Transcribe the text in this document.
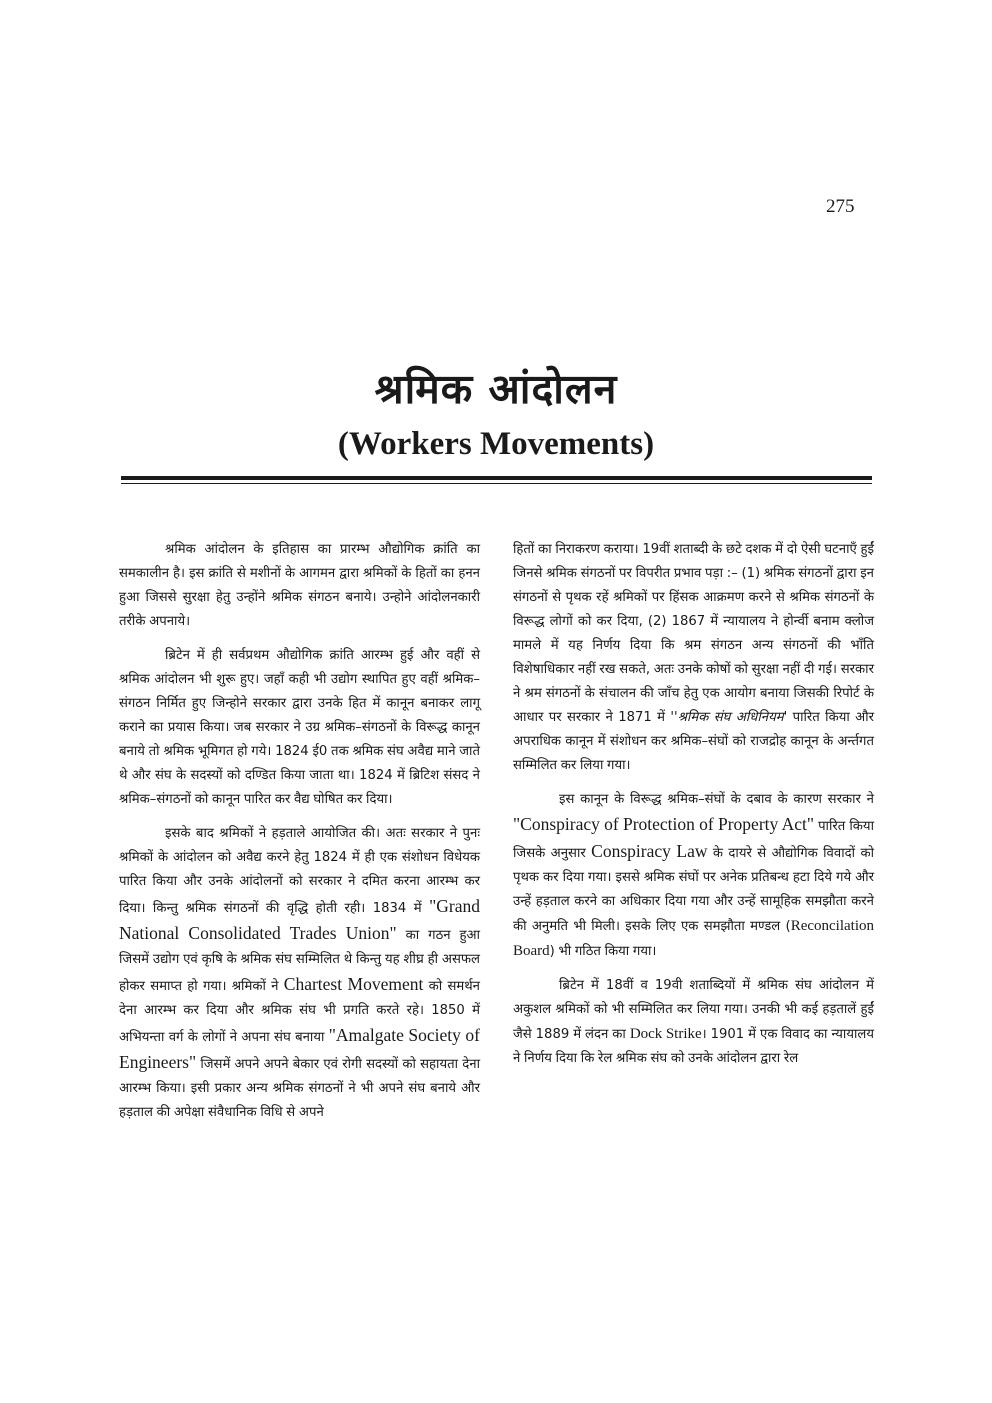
275
श्रमिक आंदोलन
(Workers Movements)

श्रमिक आंदोलन के इतिहास का प्रारम्भ औद्योगिक क्रांति का समकालीन है। इस क्रांति से मशीनों के आगमन द्वारा श्रमिकों के हितों का हनन हुआ जिससे सुरक्षा हेतु उन्होंने श्रमिक संगठन बनाये। उन्होने आंदोलनकारी तरीके अपनाये।

ब्रिटेन में ही सर्वप्रथम औद्योगिक क्रांति आरम्भ हुई और वहीं से श्रमिक आंदोलन भी शुरू हुए। जहाँ कही भी उद्योग स्थापित हुए वहीं श्रमिक–संगठन निर्मित हुए जिन्होने सरकार द्वारा उनके हित में कानून बनाकर लागू कराने का प्रयास किया। जब सरकार ने उग्र श्रमिक–संगठनों के विरूद्ध कानून बनाये तो श्रमिक भूमिगत हो गये। 1824 ई0 तक श्रमिक संघ अवैद्य माने जाते थे और संघ के सदस्यों को दण्डित किया जाता था। 1824 में ब्रिटिश संसद ने श्रमिक–संगठनों को कानून पारित कर वैद्य घोषित कर दिया।

इसके बाद श्रमिकों ने हड़ताले आयोजित की। अतः सरकार ने पुनः श्रमिकों के आंदोलन को अवैद्य करने हेतु 1824 में ही एक संशोधन विधेयक पारित किया और उनके आंदोलनों को सरकार ने दमित करना आरम्भ कर दिया। किन्तु श्रमिक संगठनों की वृद्धि होती रही। 1834 में "Grand National Consolidated Trades Union" का गठन हुआ जिसमें उद्योग एवं कृषि के श्रमिक संघ सम्मिलित थे किन्तु यह शीघ्र ही असफल होकर समाप्त हो गया। श्रमिकों ने Chartest Movement को समर्थन देना आरम्भ कर दिया और श्रमिक संघ भी प्रगति करते रहे। 1850 में अभियन्ता वर्ग के लोगों ने अपना संघ बनाया "Amalgate Society of Engineers" जिसमें अपने अपने बेकार एवं रोगी सदस्यों को सहायता देना आरम्भ किया। इसी प्रकार अन्य श्रमिक संगठनों ने भी अपने संघ बनाये और हड़ताल की अपेक्षा संवैधानिक विधि से अपने

हितों का निराकरण कराया। 19वीं शताब्दी के छटे दशक में दो ऐसी घटनाएँ हुईं जिनसे श्रमिक संगठनों पर विपरीत प्रभाव पड़ा :– (1) श्रमिक संगठनों द्वारा इन संगठनों से पृथक रहें श्रमिकों पर हिंसक आक्रमण करने से श्रमिक संगठनों के विरूद्ध लोगों को कर दिया, (2) 1867 में न्यायालय ने होर्न्वी बनाम क्लोज मामले में यह निर्णय दिया कि श्रम संगठन अन्य संगठनों की भाँति विशेषाधिकार नहीं रख सकते, अतः उनके कोषों को सुरक्षा नहीं दी गई। सरकार ने श्रम संगठनों के संचालन की जाँच हेतु एक आयोग बनाया जिसकी रिपोर्ट के आधार पर सरकार ने 1871 में ''श्रमिक संघ अधिनियम' पारित किया और अपराधिक कानून में संशोधन कर श्रमिक–संघों को राजद्रोह कानून के अर्न्तगत सम्मिलित कर लिया गया।

इस कानून के विरूद्ध श्रमिक–संघों के दबाव के कारण सरकार ने "Conspiracy of Protection of Property Act" पारित किया जिसके अनुसार Conspiracy Law के दायरे से औद्योगिक विवादों को पृथक कर दिया गया। इससे श्रमिक संघों पर अनेक प्रतिबन्ध हटा दिये गये और उन्हें हड़ताल करने का अधिकार दिया गया और उन्हें सामूहिक समझौता करने की अनुमति भी मिली। इसके लिए एक समझौता मण्डल (Reconcilation Board) भी गठित किया गया।

ब्रिटेन में 18वीं व 19वी शताब्दियों में श्रमिक संघ आंदोलन में अकुशल श्रमिकों को भी सम्मिलित कर लिया गया। उनकी भी कई हड़तालें हुईं जैसे 1889 में लंदन का Dock Strike। 1901 में एक विवाद का न्यायालय ने निर्णय दिया कि रेल श्रमिक संघ को उनके आंदोलन द्वारा रेल
